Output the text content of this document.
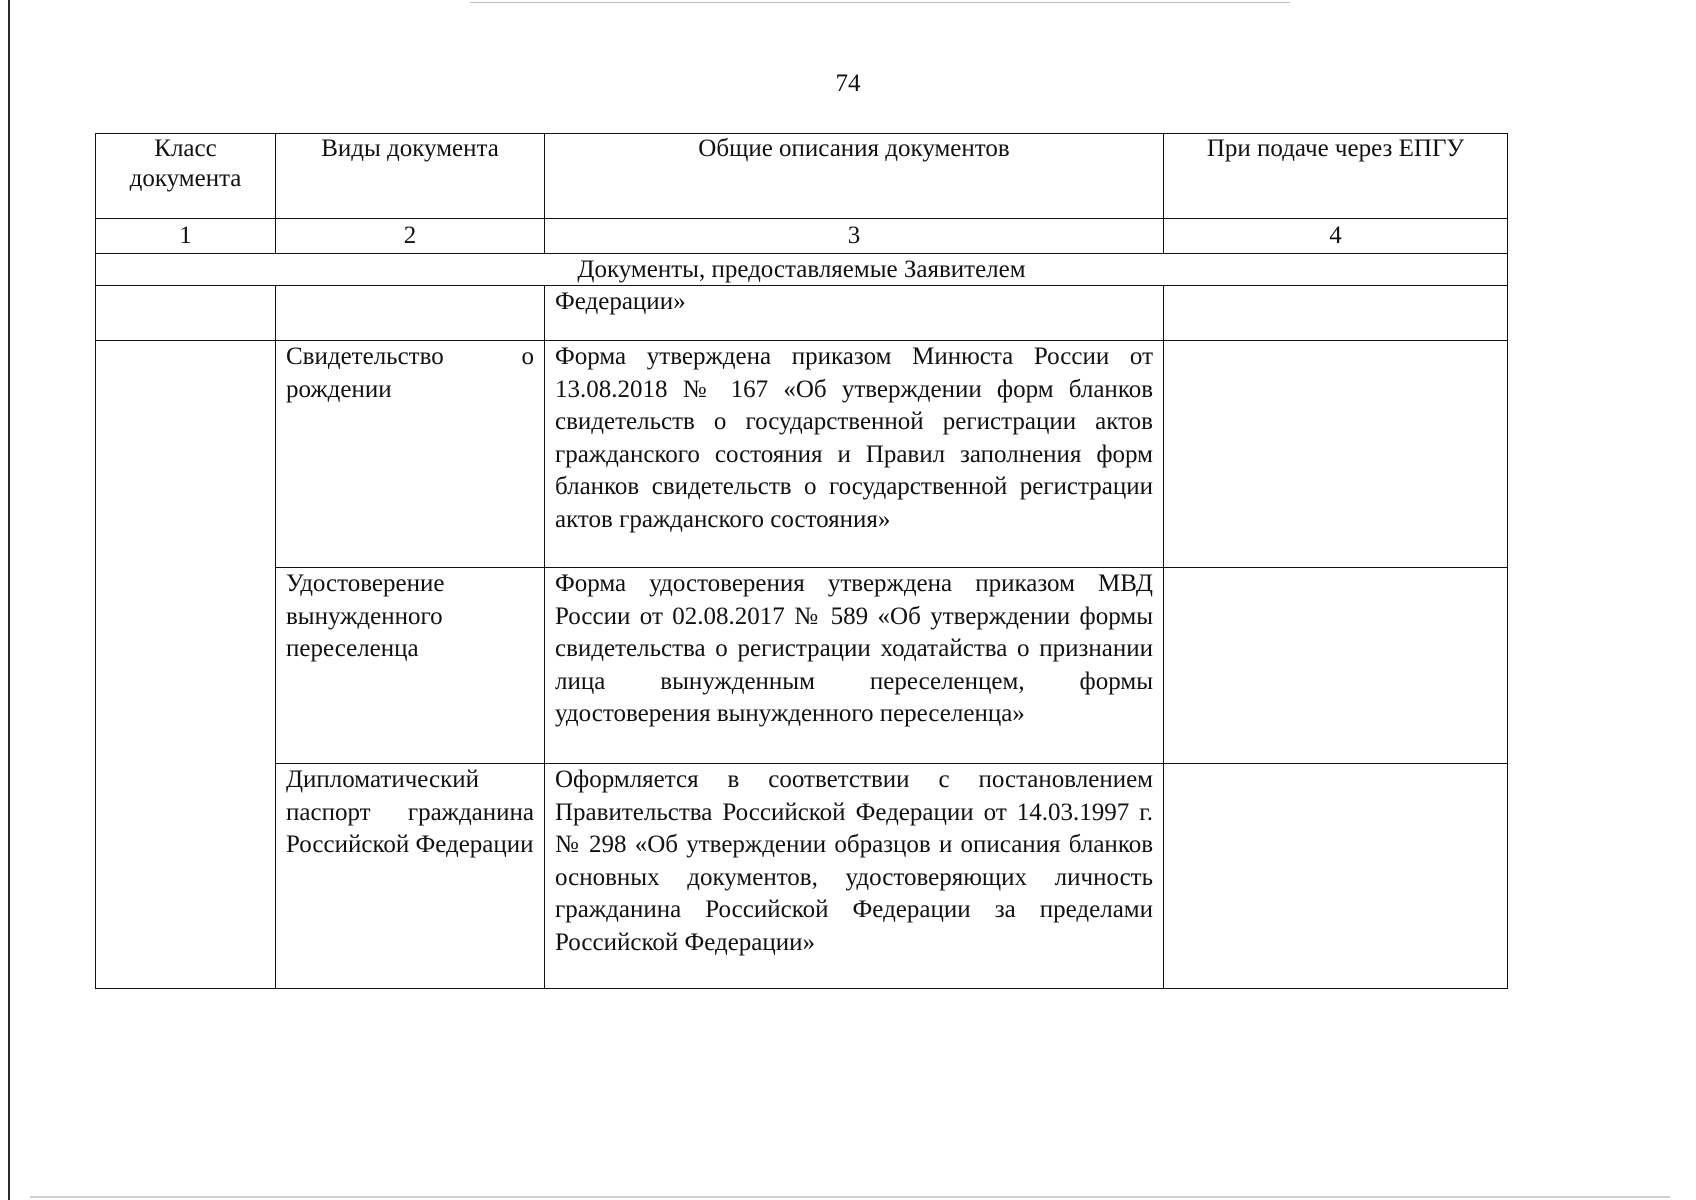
74
Класс документа	Виды документа	Общие описания документов	При подаче через ЕПГУ
1	2	3	4
Документы, предоставляемые Заявителем			
		Федерации»	
	Свидетельство о рождении	Форма утверждена приказом Минюста России от 13.08.2018 № 167 «Об утверждении форм бланков свидетельств о государственной регистрации актов гражданского состояния и Правил заполнения форм бланков свидетельств о государственной регистрации актов гражданского состояния»	
	Удостоверение вынужденного переселенца	Форма удостоверения утверждена приказом МВД России от 02.08.2017 № 589 «Об утверждении формы свидетельства о регистрации ходатайства о признании лица вынужденным переселенцем, формы удостоверения вынужденного переселенца»	
	Дипломатический паспорт гражданина Российской Федерации	Оформляется в соответствии с постановлением Правительства Российской Федерации от 14.03.1997 г. № 298 «Об утверждении образцов и описания бланков основных документов, удостоверяющих личность гражданина Российской Федерации за пределами Российской Федерации»	
